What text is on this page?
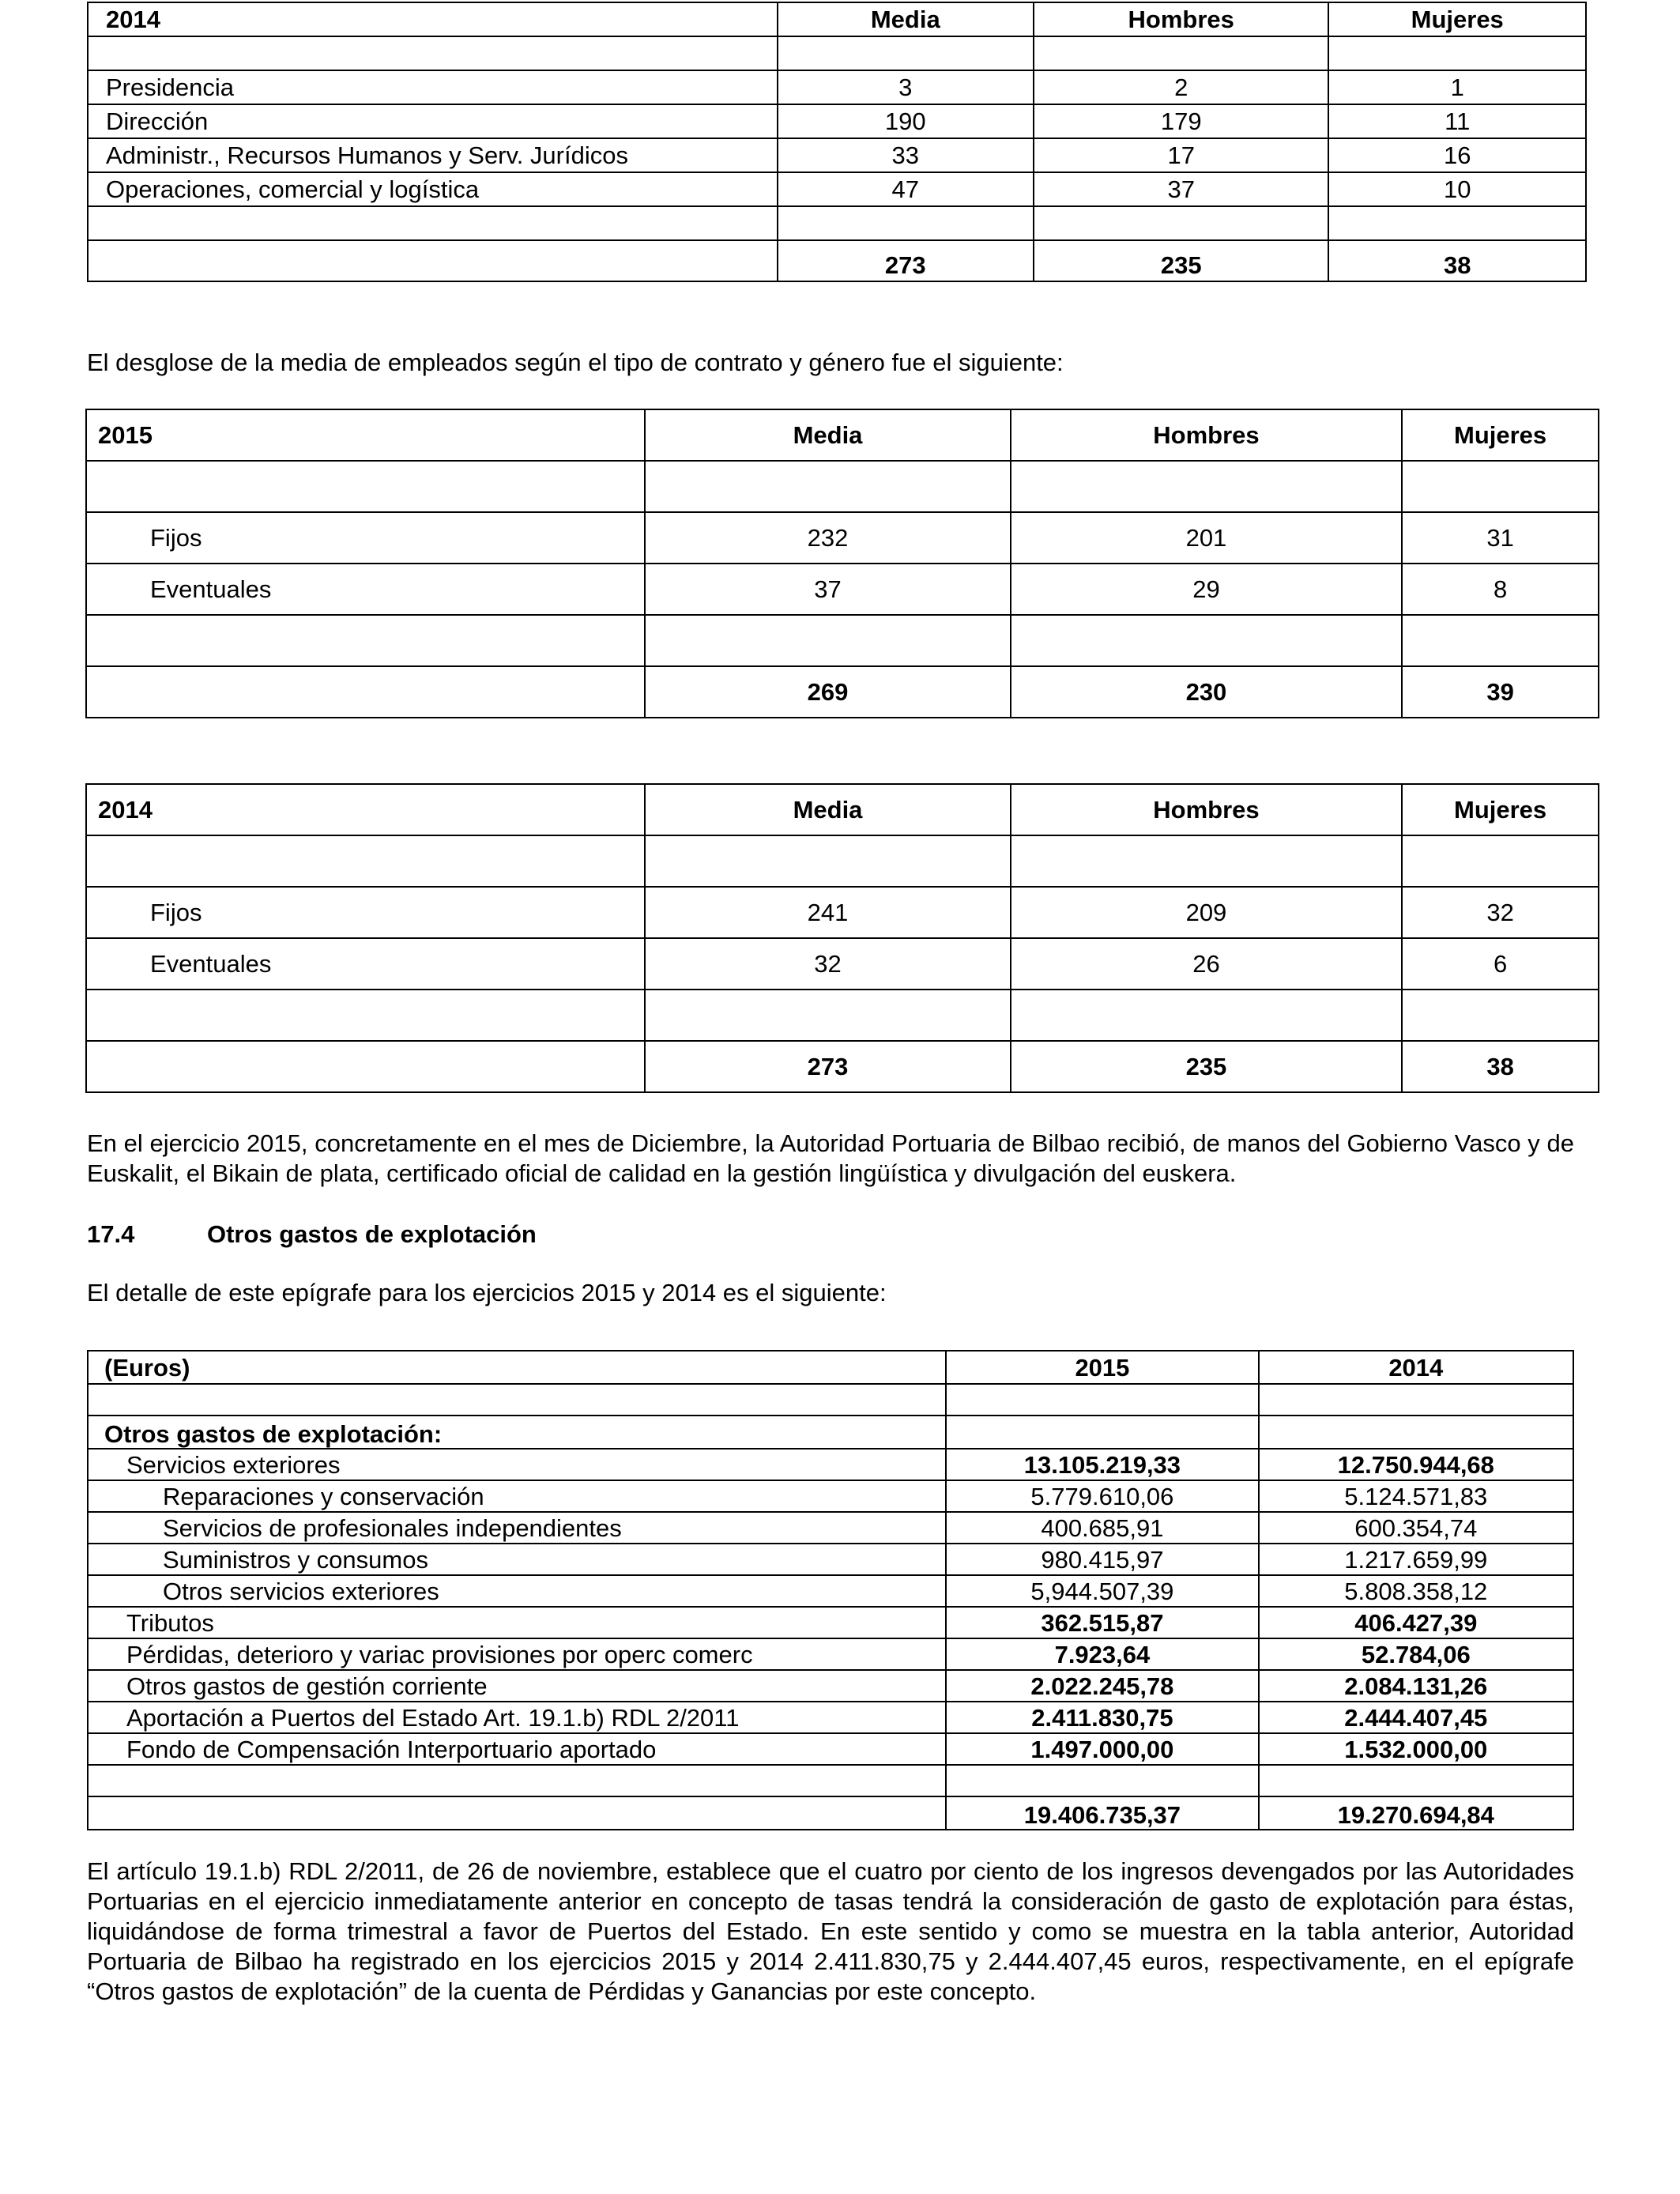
2014	Media	Hombres	Mujeres

Presidencia	3	2	1
Dirección	190	179	11
Administr., Recursos Humanos y Serv. Jurídicos	33	17	16
Operaciones, comercial y logística	47	37	10

	273	235	38

El desglose de la media de empleados según el tipo de contrato y género fue el siguiente:

2015	Media	Hombres	Mujeres

Fijos	232	201	31
Eventuales	37	29	8

	269	230	39
2014	Media	Hombres	Mujeres

Fijos	241	209	32
Eventuales	32	26	6

	273	235	38

En el ejercicio 2015, concretamente en el mes de Diciembre, la Autoridad Portuaria de Bilbao recibió, de manos del Gobierno Vasco y de Euskalit, el Bikain de plata, certificado oficial de calidad en la gestión lingüística y divulgación del euskera.

17.4	Otros gastos de explotación

El detalle de este epígrafe para los ejercicios 2015 y 2014 es el siguiente:

(Euros)	2015	2014

Otros gastos de explotación:		
Servicios exteriores	13.105.219,33	12.750.944,68
Reparaciones y conservación	5.779.610,06	5.124.571,83
Servicios de profesionales independientes	400.685,91	600.354,74
Suministros y consumos	980.415,97	1.217.659,99
Otros servicios exteriores	5,944.507,39	5.808.358,12
Tributos	362.515,87	406.427,39
Pérdidas, deterioro y variac provisiones por operc comerc	7.923,64	52.784,06
Otros gastos de gestión corriente	2.022.245,78	2.084.131,26
Aportación a Puertos del Estado Art. 19.1.b) RDL 2/2011	2.411.830,75	2.444.407,45
Fondo de Compensación Interportuario aportado	1.497.000,00	1.532.000,00

	19.406.735,37	19.270.694,84

El artículo 19.1.b) RDL 2/2011, de 26 de noviembre, establece que el cuatro por ciento de los ingresos devengados por las Autoridades Portuarias en el ejercicio inmediatamente anterior en concepto de tasas tendrá la consideración de gasto de explotación para éstas, liquidándose de forma trimestral a favor de Puertos del Estado. En este sentido y como se muestra en la tabla anterior, Autoridad Portuaria de Bilbao ha registrado en los ejercicios 2015 y 2014 2.411.830,75 y 2.444.407,45 euros, respectivamente, en el epígrafe “Otros gastos de explotación” de la cuenta de Pérdidas y Ganancias por este concepto.
